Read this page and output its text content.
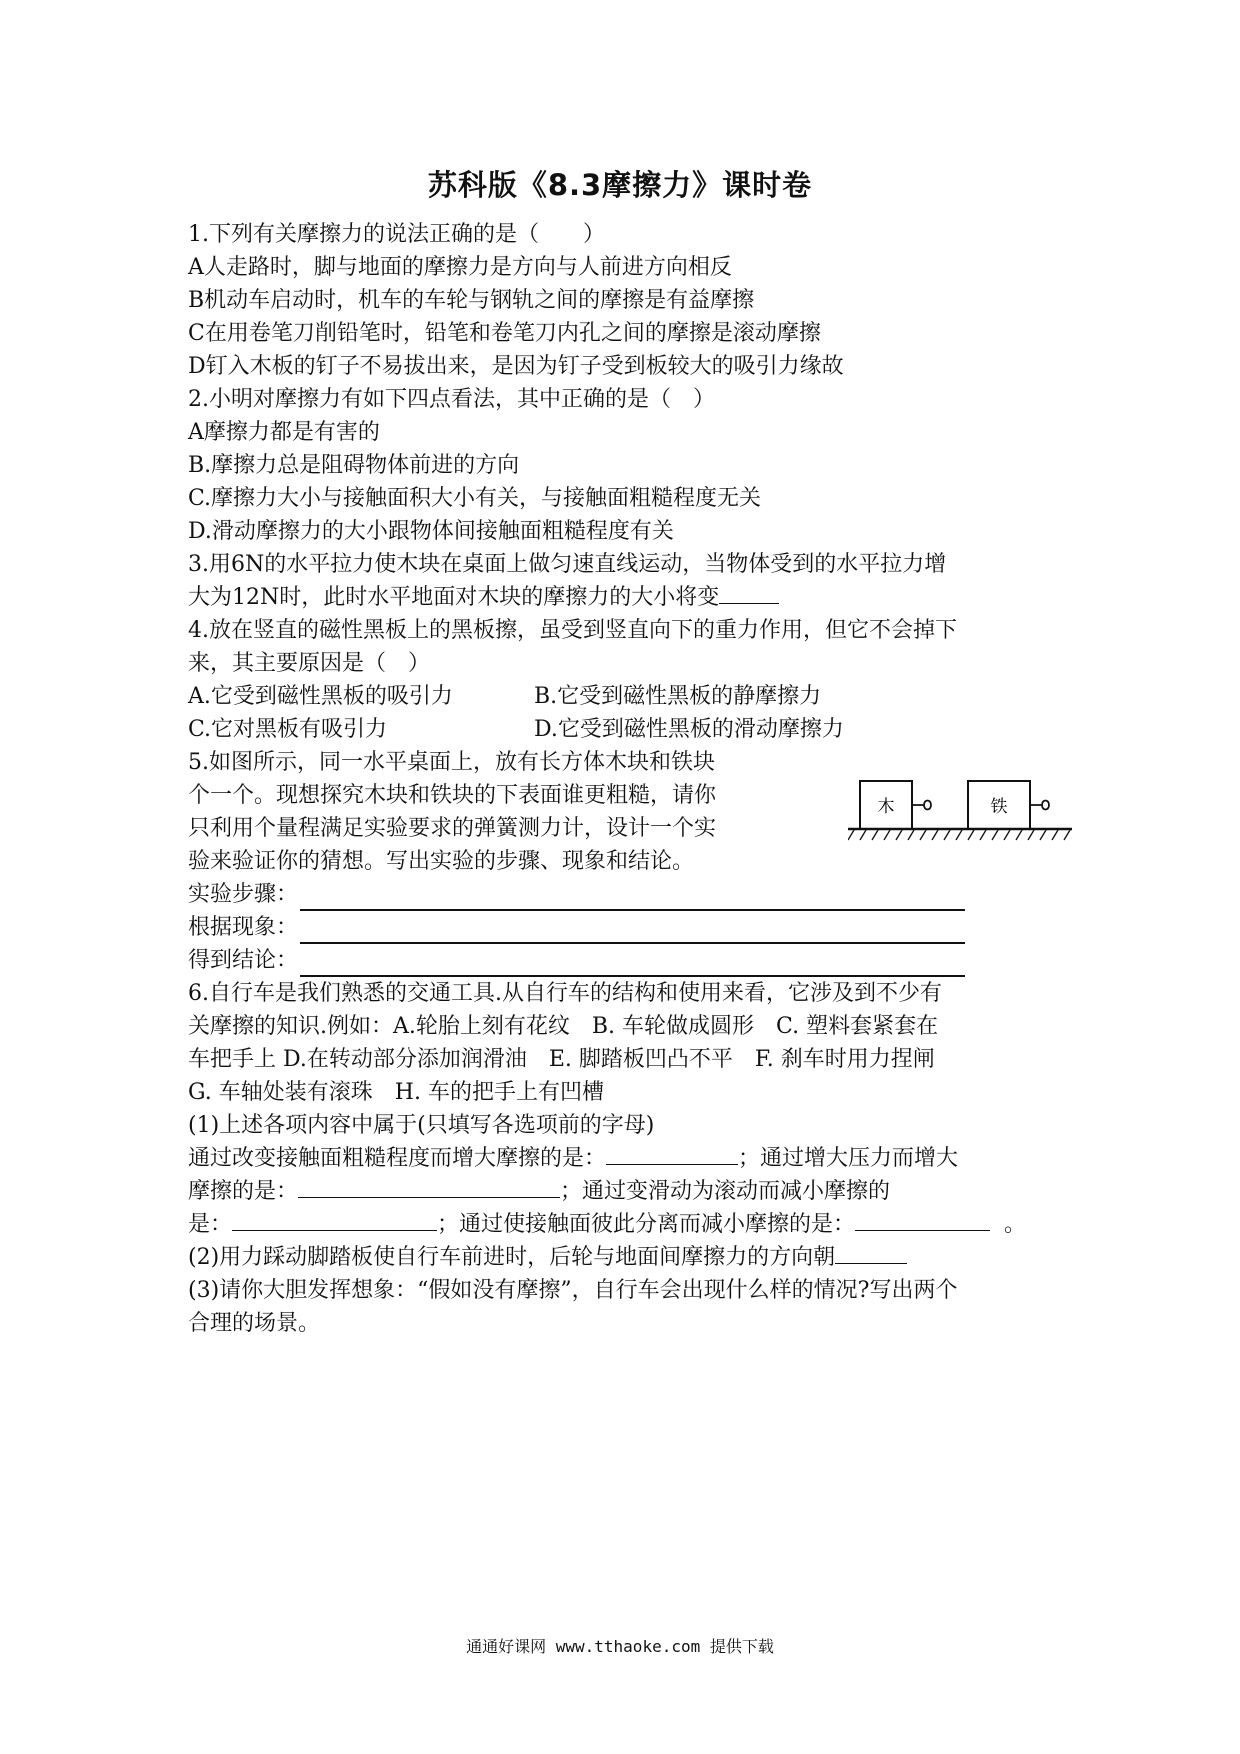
苏科版《8.3摩擦力》课时卷
1.下列有关摩擦力的说法正确的是（　　）
A人走路时，脚与地面的摩擦力是方向与人前进方向相反
B机动车启动时，机车的车轮与钢轨之间的摩擦是有益摩擦
C在用卷笔刀削铅笔时，铅笔和卷笔刀内孔之间的摩擦是滚动摩擦
D钉入木板的钉子不易拔出来，是因为钉子受到板较大的吸引力缘故
2.小明对摩擦力有如下四点看法，其中正确的是（　）
A摩擦力都是有害的
B.摩擦力总是阻碍物体前进的方向
C.摩擦力大小与接触面积大小有关，与接触面粗糙程度无关
D.滑动摩擦力的大小跟物体间接触面粗糙程度有关
3.用6N的水平拉力使木块在桌面上做匀速直线运动，当物体受到的水平拉力增
大为12N时，此时水平地面对木块的摩擦力的大小将变
4.放在竖直的磁性黑板上的黑板擦，虽受到竖直向下的重力作用，但它不会掉下
来，其主要原因是（　）
A.它受到磁性黑板的吸引力	B.它受到磁性黑板的静摩擦力
C.它对黑板有吸引力	D.它受到磁性黑板的滑动摩擦力
5.如图所示，同一水平桌面上，放有长方体木块和铁块
个一个。现想探究木块和铁块的下表面谁更粗糙，请你
只利用个量程满足实验要求的弹簧测力计，设计一个实
验来验证你的猜想。写出实验的步骤、现象和结论。
实验步骤：
根据现象：
得到结论：
6.自行车是我们熟悉的交通工具.从自行车的结构和使用来看，它涉及到不少有
关摩擦的知识.例如：A.轮胎上刻有花纹　B. 车轮做成圆形　C. 塑料套紧套在
车把手上 D.在转动部分添加润滑油　E. 脚踏板凹凸不平　F. 刹车时用力捏闸
G. 车轴处装有滚珠　H. 车的把手上有凹槽
(1)上述各项内容中属于(只填写各选项前的字母)
通过改变接触面粗糙程度而增大摩擦的是：	；通过增大压力而增大
摩擦的是：	；通过变滑动为滚动而减小摩擦的
是：	；通过使接触面彼此分离而减小摩擦的是：	。
(2)用力踩动脚踏板使自行车前进时，后轮与地面间摩擦力的方向朝
(3)请你大胆发挥想象：“假如没有摩擦”，自行车会出现什么样的情况?写出两个
合理的场景。
木	铁
通通好课网 www.tthaoke.com 提供下载
